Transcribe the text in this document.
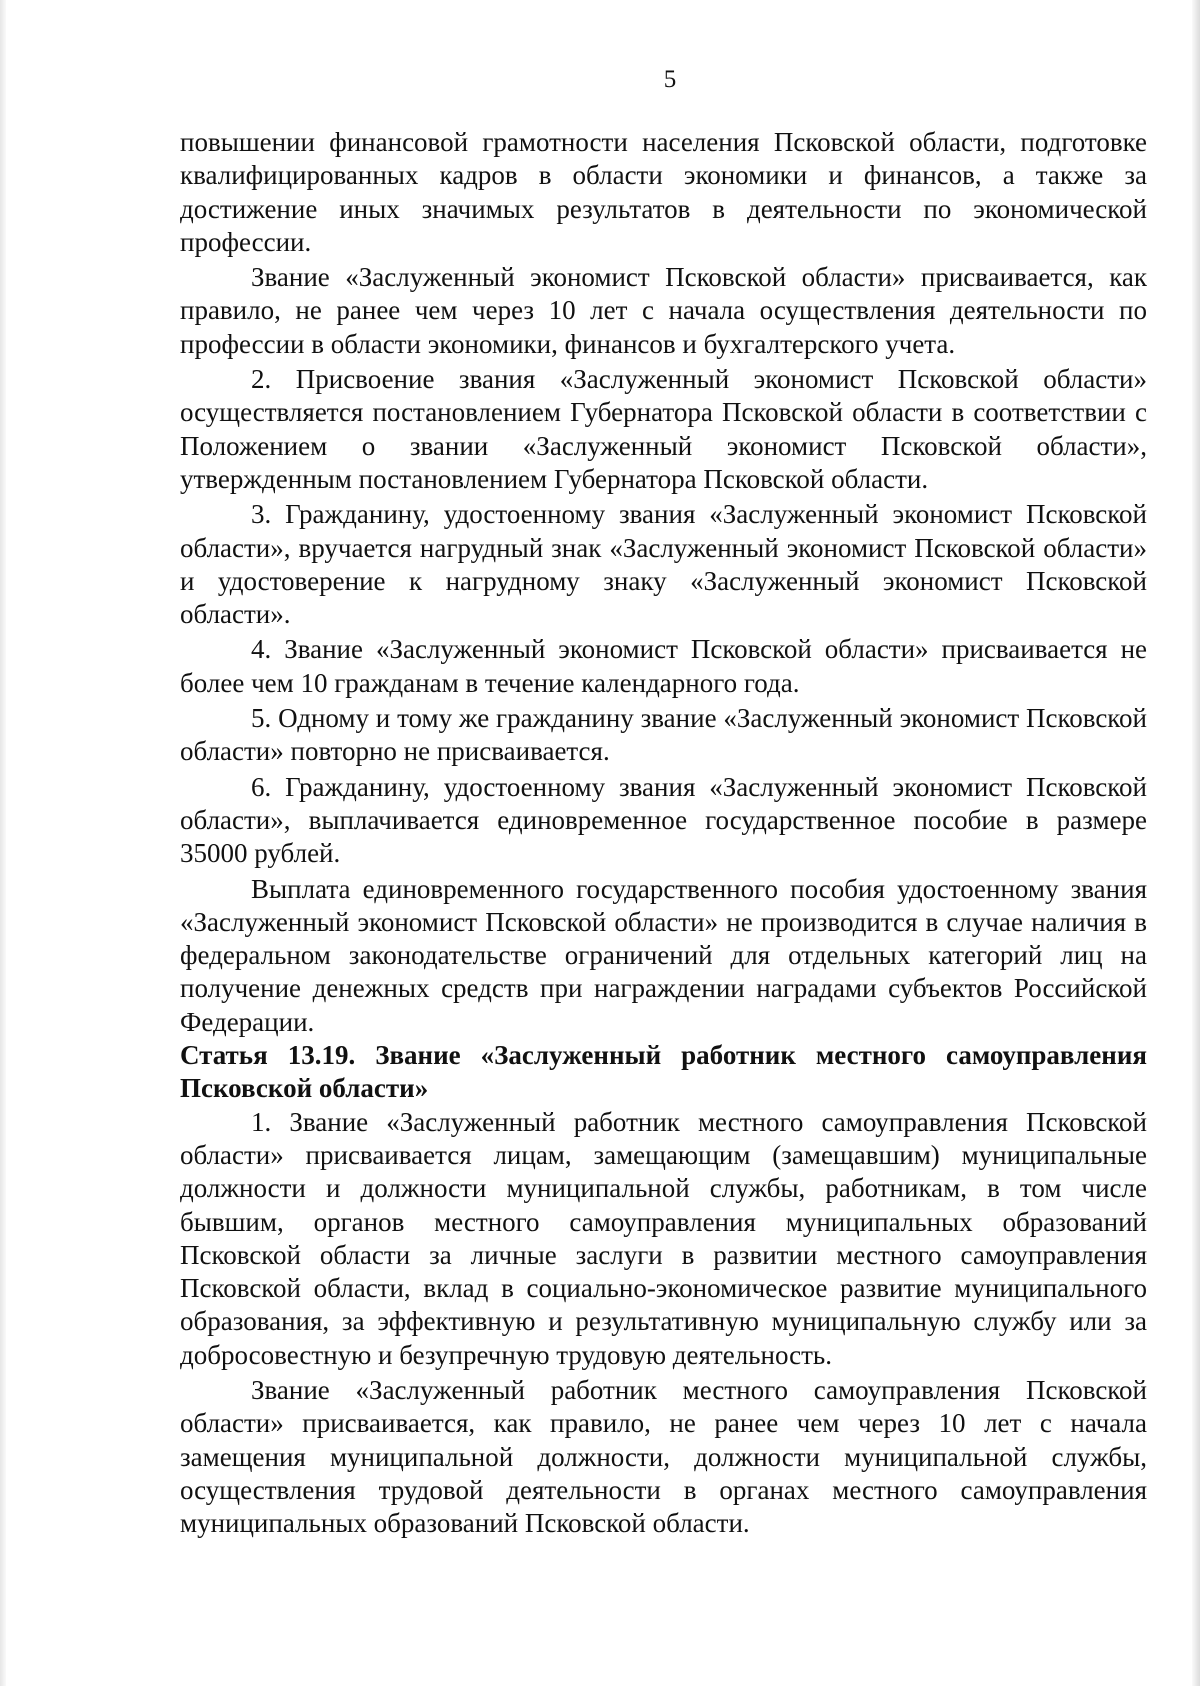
5

повышении финансовой грамотности населения Псковской области, подготовке квалифицированных кадров в области экономики и финансов, а также за достижение иных значимых результатов в деятельности по экономической профессии.

Звание «Заслуженный экономист Псковской области» присваивается, как правило, не ранее чем через 10 лет с начала осуществления деятельности по профессии в области экономики, финансов и бухгалтерского учета.

2. Присвоение звания «Заслуженный экономист Псковской области» осуществляется постановлением Губернатора Псковской области в соответствии с Положением о звании «Заслуженный экономист Псковской области», утвержденным постановлением Губернатора Псковской области.

3. Гражданину, удостоенному звания «Заслуженный экономист Псковской области», вручается нагрудный знак «Заслуженный экономист Псковской области» и удостоверение к нагрудному знаку «Заслуженный экономист Псковской области».

4. Звание «Заслуженный экономист Псковской области» присваивается не более чем 10 гражданам в течение календарного года.

5. Одному и тому же гражданину звание «Заслуженный экономист Псковской области» повторно не присваивается.

6. Гражданину, удостоенному звания «Заслуженный экономист Псковской области», выплачивается единовременное государственное пособие в размере 35000 рублей.

Выплата единовременного государственного пособия удостоенному звания «Заслуженный экономист Псковской области» не производится в случае наличия в федеральном законодательстве ограничений для отдельных категорий лиц на получение денежных средств при награждении наградами субъектов Российской Федерации.

Статья 13.19. Звание «Заслуженный работник местного самоуправления Псковской области»

1. Звание «Заслуженный работник местного самоуправления Псковской области» присваивается лицам, замещающим (замещавшим) муниципальные должности и должности муниципальной службы, работникам, в том числе бывшим, органов местного самоуправления муниципальных образований Псковской области за личные заслуги в развитии местного самоуправления Псковской области, вклад в социально-экономическое развитие муниципального образования, за эффективную и результативную муниципальную службу или за добросовестную и безупречную трудовую деятельность.

Звание «Заслуженный работник местного самоуправления Псковской области» присваивается, как правило, не ранее чем через 10 лет с начала замещения муниципальной должности, должности муниципальной службы, осуществления трудовой деятельности в органах местного самоуправления муниципальных образований Псковской области.
